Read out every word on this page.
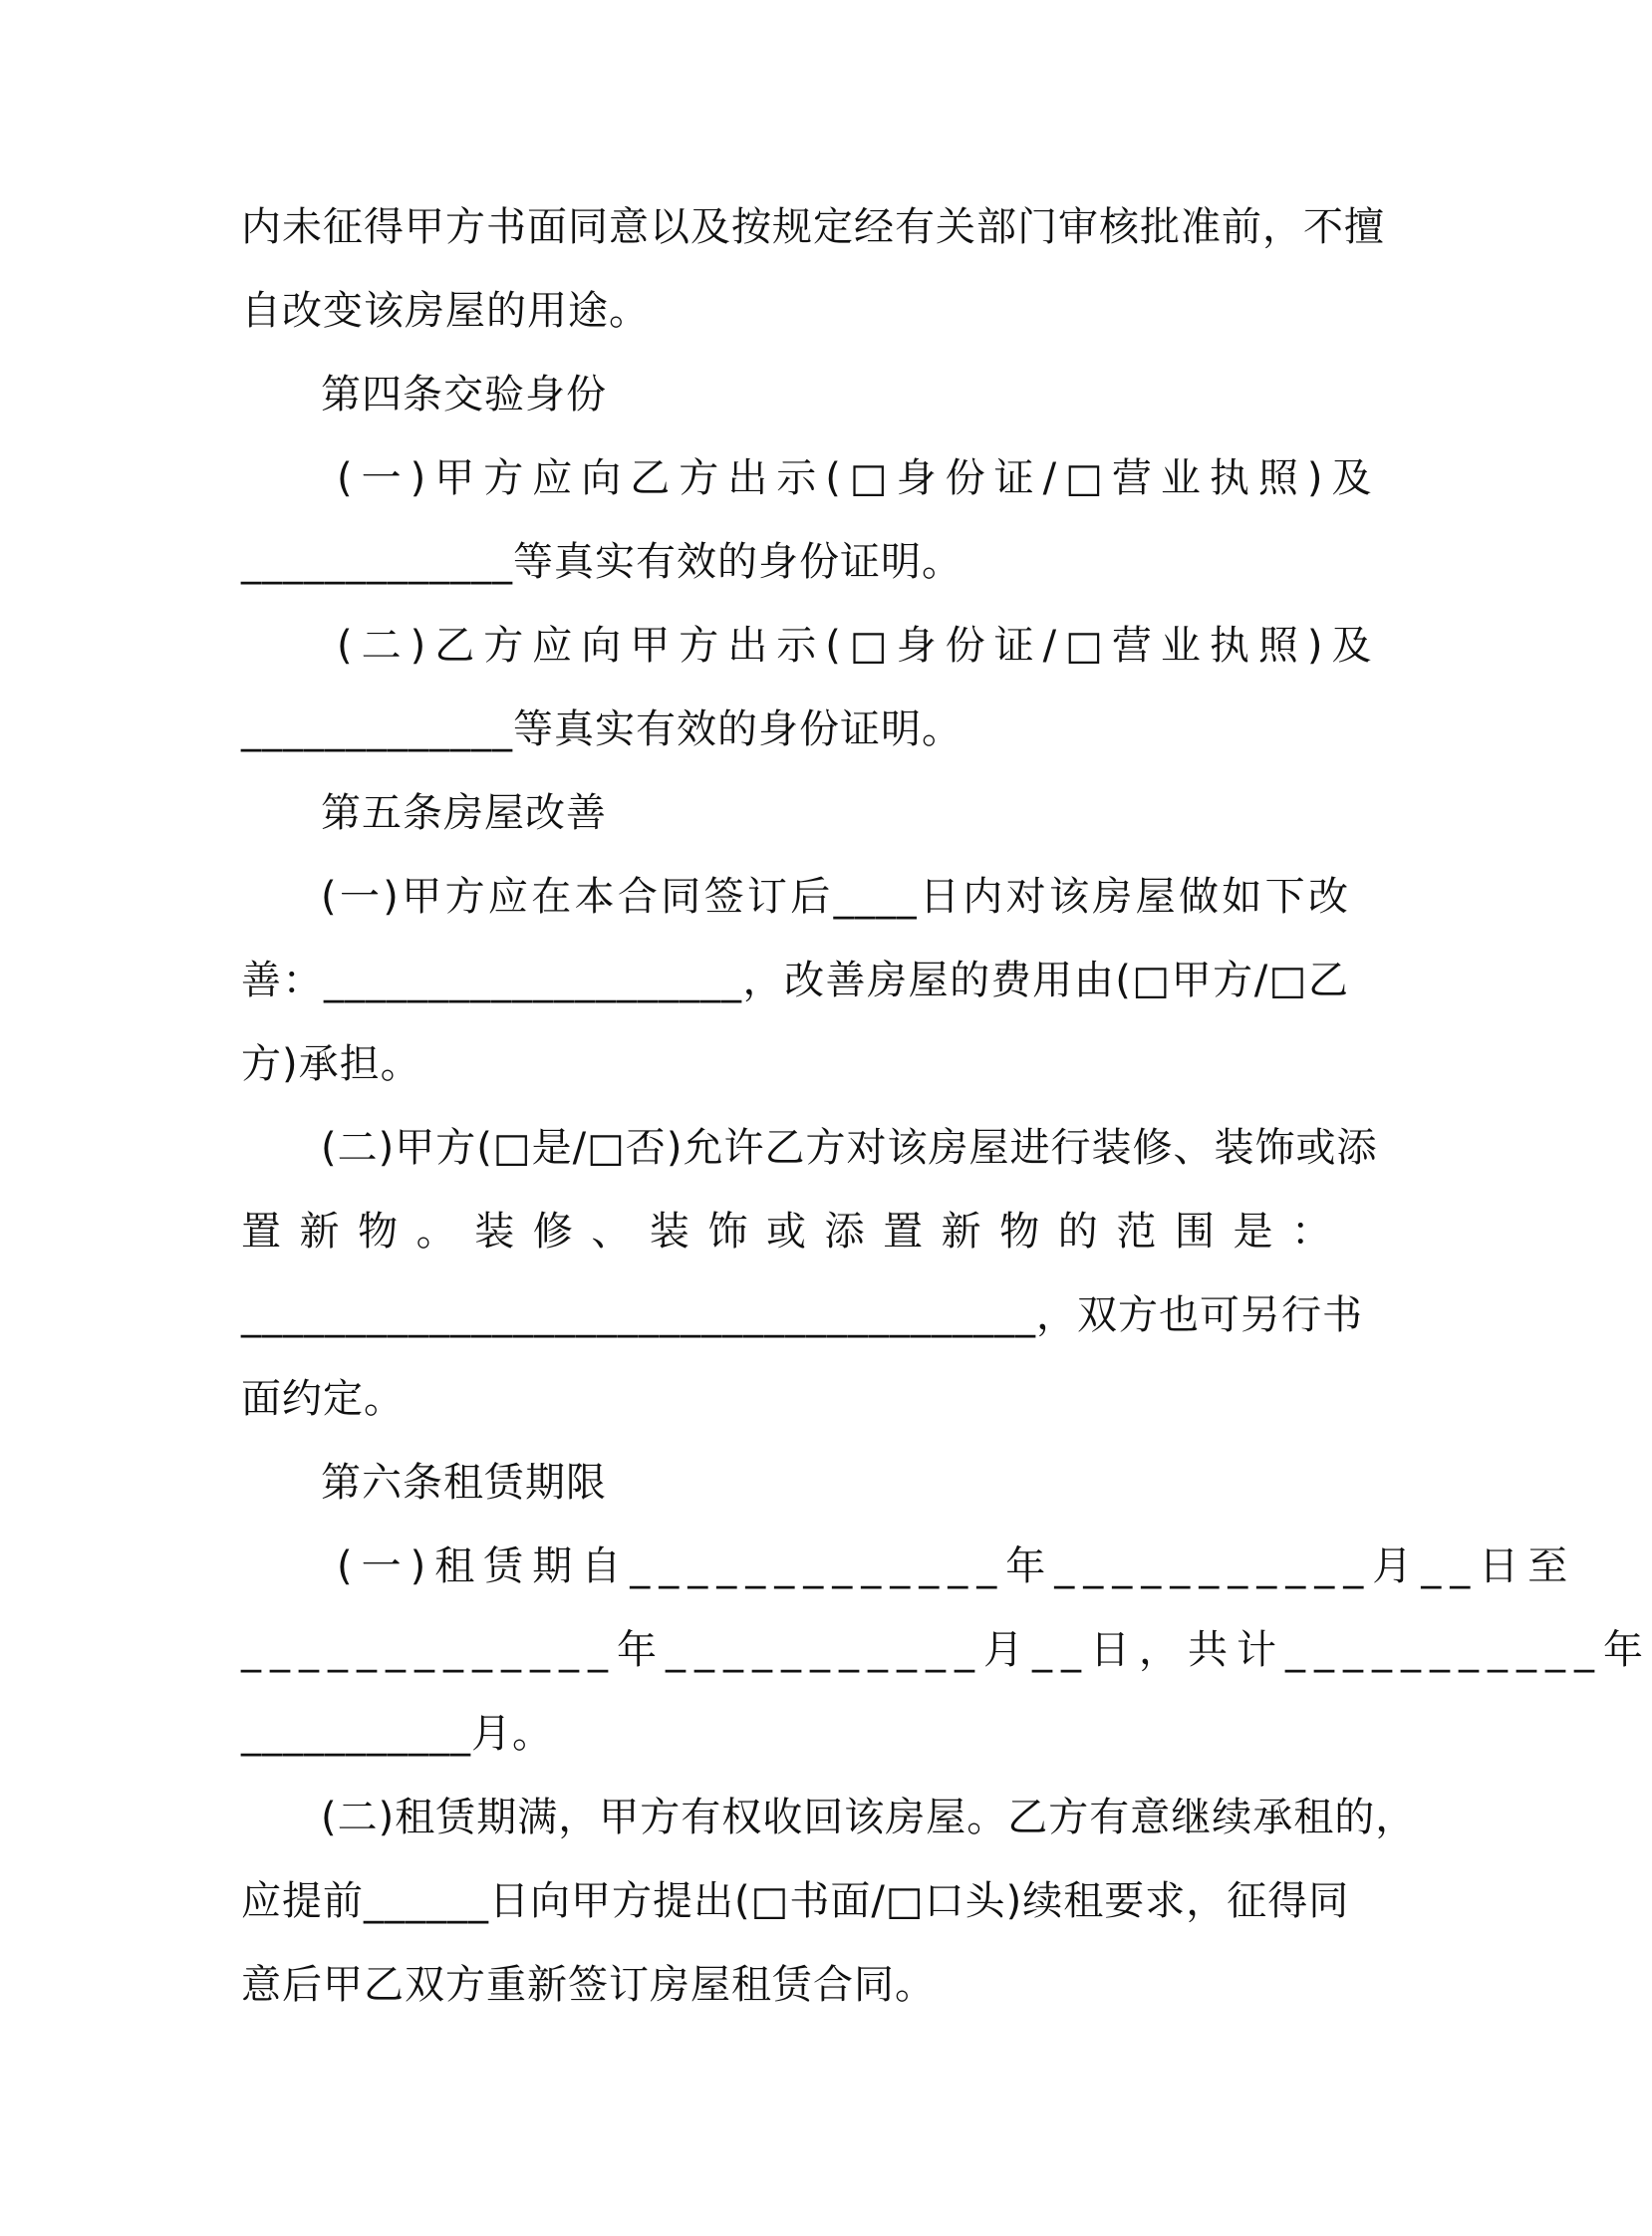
内未征得甲方书面同意以及按规定经有关部门审核批准前，不擅
自改变该房屋的用途。
第四条交验身份
(一)甲方应向乙方出示(□身份证/□营业执照)及
_____________等真实有效的身份证明。
(二)乙方应向甲方出示(□身份证/□营业执照)及
_____________等真实有效的身份证明。
第五条房屋改善
(一)甲方应在本合同签订后____日内对该房屋做如下改
善：____________________，改善房屋的费用由(□甲方/□乙
方)承担。
(二)甲方(□是/□否)允许乙方对该房屋进行装修、装饰或添
置新物。装修、装饰或添置新物的范围是：
______________________________________，双方也可另行书
面约定。
第六条租赁期限
(一)租赁期自_____________年___________月__日至
_____________年___________月__日，共计___________年
___________月。
(二)租赁期满，甲方有权收回该房屋。乙方有意继续承租的，
应提前______日向甲方提出(□书面/□口头)续租要求，征得同
意后甲乙双方重新签订房屋租赁合同。
